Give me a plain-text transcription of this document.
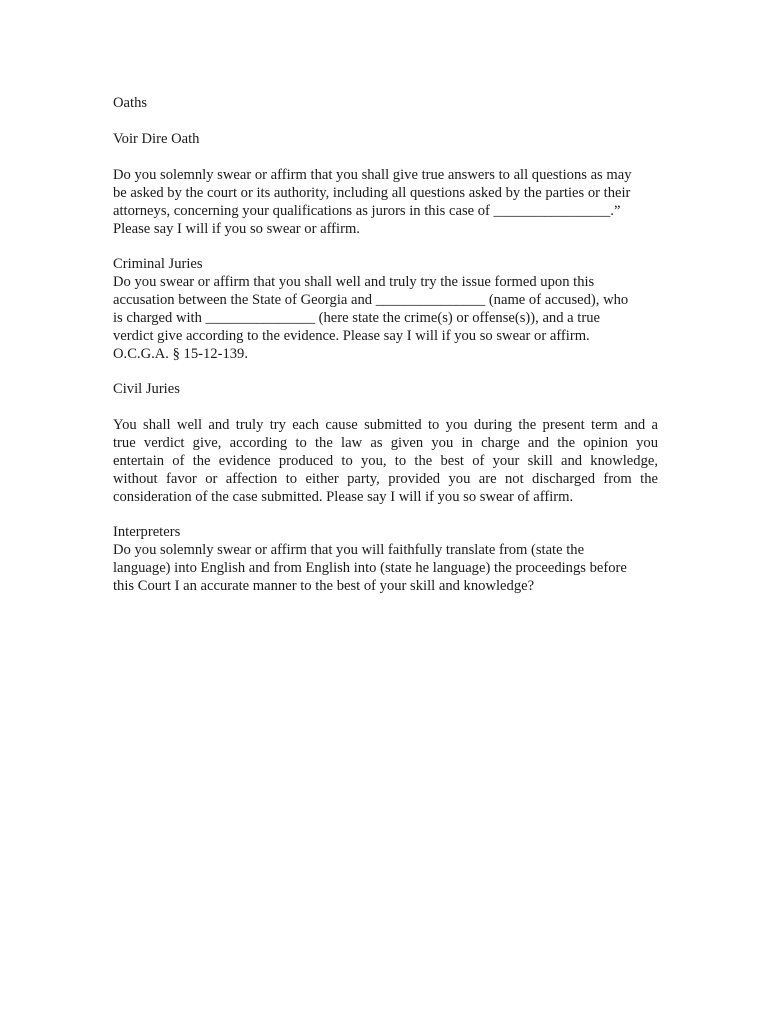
Oaths

Voir Dire Oath

Do you solemnly swear or affirm that you shall give true answers to all questions as may
be asked by the court or its authority, including all questions asked by the parties or their
attorneys, concerning your qualifications as jurors in this case of ________________.”
Please say I will if you so swear or affirm.

Criminal Juries

Do you swear or affirm that you shall well and truly try the issue formed upon this
accusation between the State of Georgia and _______________ (name of accused), who
is charged with _______________ (here state the crime(s) or offense(s)), and a true
verdict give according to the evidence. Please say I will if you so swear or affirm.
O.C.G.A. § 15-12-139.

Civil Juries

You shall well and truly try each cause submitted to you during the present term and a
true verdict give, according to the law as given you in charge and the opinion you
entertain of the evidence produced to you, to the best of your skill and knowledge,
without favor or affection to either party, provided you are not discharged from the
consideration of the case submitted. Please say I will if you so swear of affirm.

Interpreters

Do you solemnly swear or affirm that you will faithfully translate from (state the
language) into English and from English into (state he language) the proceedings before
this Court I an accurate manner to the best of your skill and knowledge?
